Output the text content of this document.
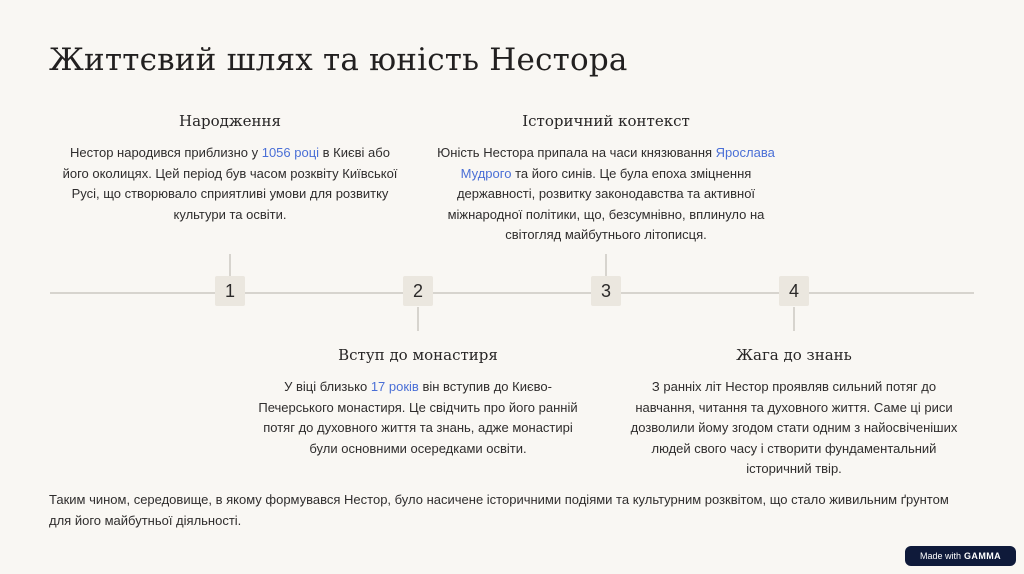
Життєвий шлях та юність Нестора
Народження

Нестор народився приблизно у 1056 році в Києві або його околицях. Цей період був часом розквіту Київської Русі, що створювало сприятливі умови для розвитку культури та освіти.

Історичний контекст

Юність Нестора припала на часи князювання Ярослава Мудрого та його синів. Це була епоха зміцнення державності, розвитку законодавства та активної міжнародної політики, що, безсумнівно, вплинуло на світогляд майбутнього літописця.

Вступ до монастиря

У віці близько 17 років він вступив до Києво-Печерського монастиря. Це свідчить про його ранній потяг до духовного життя та знань, адже монастирі були основними осередками освіти.

Жага до знань

З ранніх літ Нестор проявляв сильний потяг до навчання, читання та духовного життя. Саме ці риси дозволили йому згодом стати одним з найосвіченіших людей свого часу і створити фундаментальний історичний твір.

1	2	3	4

Таким чином, середовище, в якому формувався Нестор, було насичене історичними подіями та культурним розквітом, що стало живильним ґрунтом для його майбутньої діяльності.

Made with GAMMA
